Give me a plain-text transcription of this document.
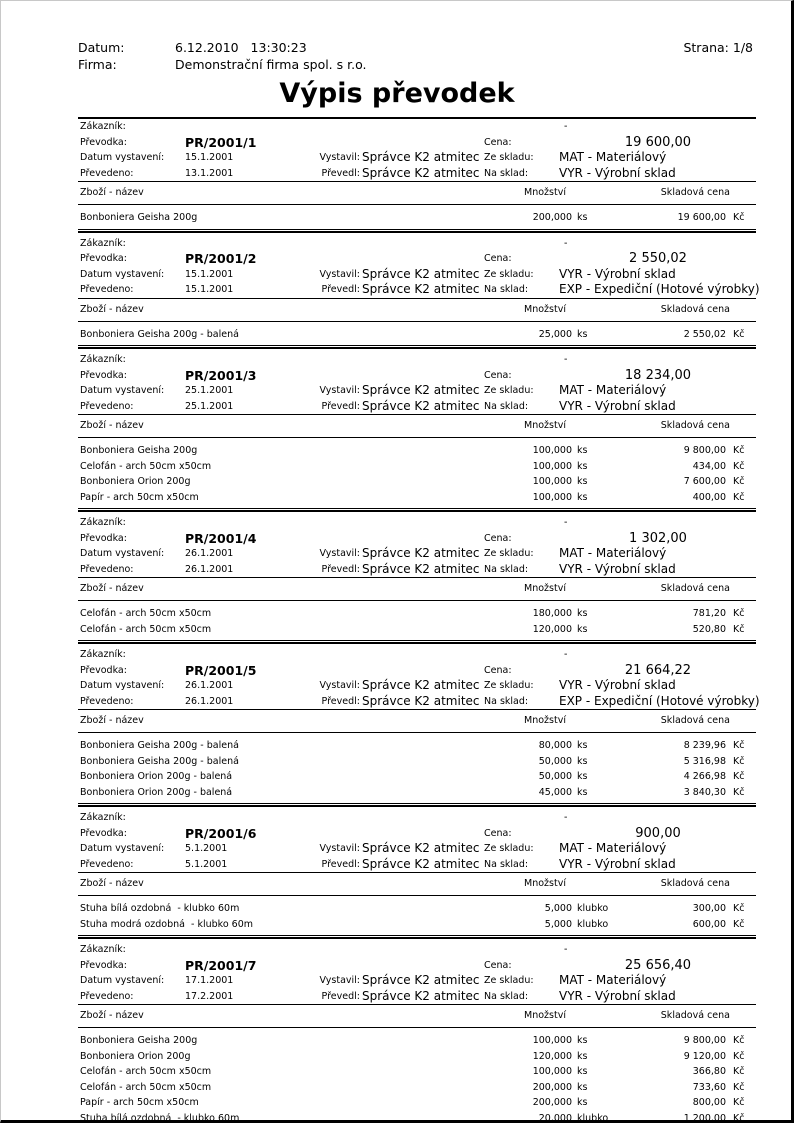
Datum:	6.12.2010   13:30:23
Firma:	Demonstrační firma spol. s r.o.
Strana: 1/8
Výpis převodek
Zákazník:	-
Převodka:	PR/2001/1	Cena:	19 600,00
Datum vystavení: 15.1.2001	Vystavil: Správce K2 atmitec Ze skladu: MAT - Materiálový
Převedeno:	13.1.2001	Převedl: Správce K2 atmitec Na sklad:	VYR - Výrobní sklad
Zboží - název	Množství	Skladová cena
Bonboniera Geisha 200g	200,000 ks	19 600,00 Kč
Zákazník:	-
Převodka:	PR/2001/2	Cena:	2 550,02
Datum vystavení: 15.1.2001	Vystavil: Správce K2 atmitec Ze skladu: VYR - Výrobní sklad
Převedeno:	15.1.2001	Převedl: Správce K2 atmitec Na sklad:	EXP - Expediční (Hotové výrobky)
Zboží - název	Množství	Skladová cena
Bonboniera Geisha 200g - balená	25,000 ks	2 550,02 Kč
Zákazník:	-
Převodka:	PR/2001/3	Cena:	18 234,00
Datum vystavení: 25.1.2001	Vystavil: Správce K2 atmitec Ze skladu: MAT - Materiálový
Převedeno:	25.1.2001	Převedl: Správce K2 atmitec Na sklad:	VYR - Výrobní sklad
Zboží - název	Množství	Skladová cena
Bonboniera Geisha 200g	100,000 ks	9 800,00 Kč
Celofán - arch 50cm x50cm	100,000 ks	434,00 Kč
Bonboniera Orion 200g	100,000 ks	7 600,00 Kč
Papír - arch 50cm x50cm	100,000 ks	400,00 Kč
Zákazník:	-
Převodka:	PR/2001/4	Cena:	1 302,00
Datum vystavení: 26.1.2001	Vystavil: Správce K2 atmitec Ze skladu: MAT - Materiálový
Převedeno:	26.1.2001	Převedl: Správce K2 atmitec Na sklad:	VYR - Výrobní sklad
Zboží - název	Množství	Skladová cena
Celofán - arch 50cm x50cm	180,000 ks	781,20 Kč
Celofán - arch 50cm x50cm	120,000 ks	520,80 Kč
Zákazník:	-
Převodka:	PR/2001/5	Cena:	21 664,22
Datum vystavení: 26.1.2001	Vystavil: Správce K2 atmitec Ze skladu: VYR - Výrobní sklad
Převedeno:	26.1.2001	Převedl: Správce K2 atmitec Na sklad:	EXP - Expediční (Hotové výrobky)
Zboží - název	Množství	Skladová cena
Bonboniera Geisha 200g - balená	80,000 ks	8 239,96 Kč
Bonboniera Geisha 200g - balená	50,000 ks	5 316,98 Kč
Bonboniera Orion 200g - balená	50,000 ks	4 266,98 Kč
Bonboniera Orion 200g - balená	45,000 ks	3 840,30 Kč
Zákazník:	-
Převodka:	PR/2001/6	Cena:	900,00
Datum vystavení: 5.1.2001	Vystavil: Správce K2 atmitec Ze skladu: MAT - Materiálový
Převedeno:	5.1.2001	Převedl: Správce K2 atmitec Na sklad:	VYR - Výrobní sklad
Zboží - název	Množství	Skladová cena
Stuha bílá ozdobná  - klubko 60m	5,000 klubko	300,00 Kč
Stuha modrá ozdobná  - klubko 60m	5,000 klubko	600,00 Kč
Zákazník:	-
Převodka:	PR/2001/7	Cena:	25 656,40
Datum vystavení: 17.1.2001	Vystavil: Správce K2 atmitec Ze skladu: MAT - Materiálový
Převedeno:	17.2.2001	Převedl: Správce K2 atmitec Na sklad:	VYR - Výrobní sklad
Zboží - název	Množství	Skladová cena
Bonboniera Geisha 200g	100,000 ks	9 800,00 Kč
Bonboniera Orion 200g	120,000 ks	9 120,00 Kč
Celofán - arch 50cm x50cm	100,000 ks	366,80 Kč
Celofán - arch 50cm x50cm	200,000 ks	733,60 Kč
Papír - arch 50cm x50cm	200,000 ks	800,00 Kč
Stuha bílá ozdobná  - klubko 60m	20,000 klubko	1 200,00 Kč
